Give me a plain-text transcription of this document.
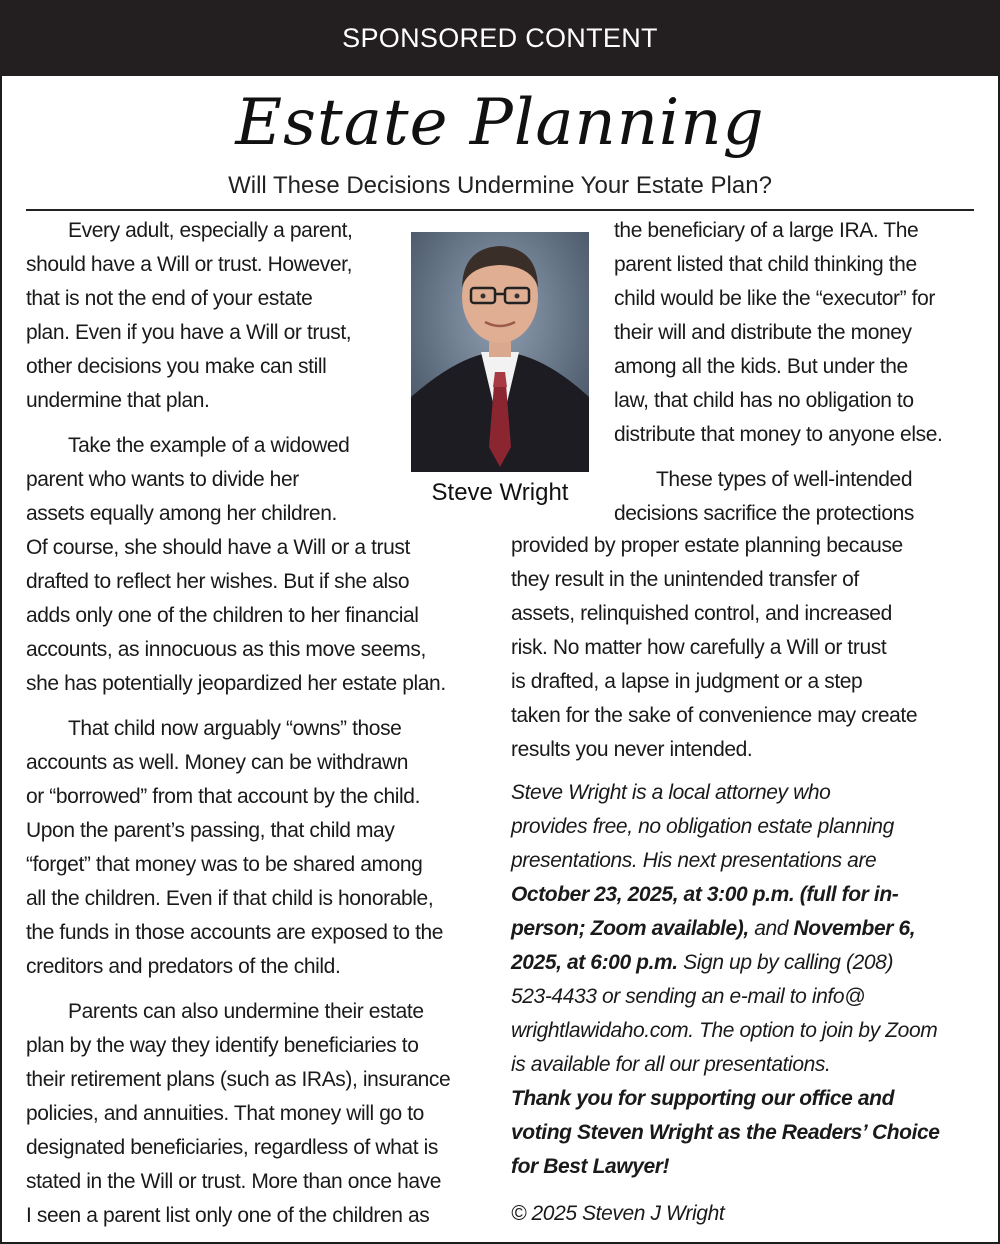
SPONSORED CONTENT
Estate Planning
Will These Decisions Undermine Your Estate Plan?
Every adult, especially a parent,
should have a Will or trust. However,
that is not the end of your estate
plan. Even if you have a Will or trust,
other decisions you make can still
undermine that plan.
Take the example of a widowed
parent who wants to divide her
assets equally among her children.
Of course, she should have a Will or a trust
drafted to reflect her wishes. But if she also
adds only one of the children to her financial
accounts, as innocuous as this move seems,
she has potentially jeopardized her estate plan.
That child now arguably “owns” those
accounts as well. Money can be withdrawn
or “borrowed” from that account by the child.
Upon the parent’s passing, that child may
“forget” that money was to be shared among
all the children. Even if that child is honorable,
the funds in those accounts are exposed to the
creditors and predators of the child.
Parents can also undermine their estate
plan by the way they identify beneficiaries to
their retirement plans (such as IRAs), insurance
policies, and annuities. That money will go to
designated beneficiaries, regardless of what is
stated in the Will or trust. More than once have
I seen a parent list only one of the children as
Steve Wright
the beneficiary of a large IRA. The
parent listed that child thinking the
child would be like the “executor” for
their will and distribute the money
among all the kids. But under the
law, that child has no obligation to
distribute that money to anyone else.
These types of well-intended
decisions sacrifice the protections
provided by proper estate planning because
they result in the unintended transfer of
assets, relinquished control, and increased
risk. No matter how carefully a Will or trust
is drafted, a lapse in judgment or a step
taken for the sake of convenience may create
results you never intended.
Steve Wright is a local attorney who
provides free, no obligation estate planning
presentations. His next presentations are
October 23, 2025, at 3:00 p.m. (full for in-
person; Zoom available), and November 6,
2025, at 6:00 p.m. Sign up by calling (208)
523-4433 or sending an e-mail to info@
wrightlawidaho.com. The option to join by Zoom
is available for all our presentations.
Thank you for supporting our office and
voting Steven Wright as the Readers’ Choice
for Best Lawyer!
© 2025 Steven J Wright
